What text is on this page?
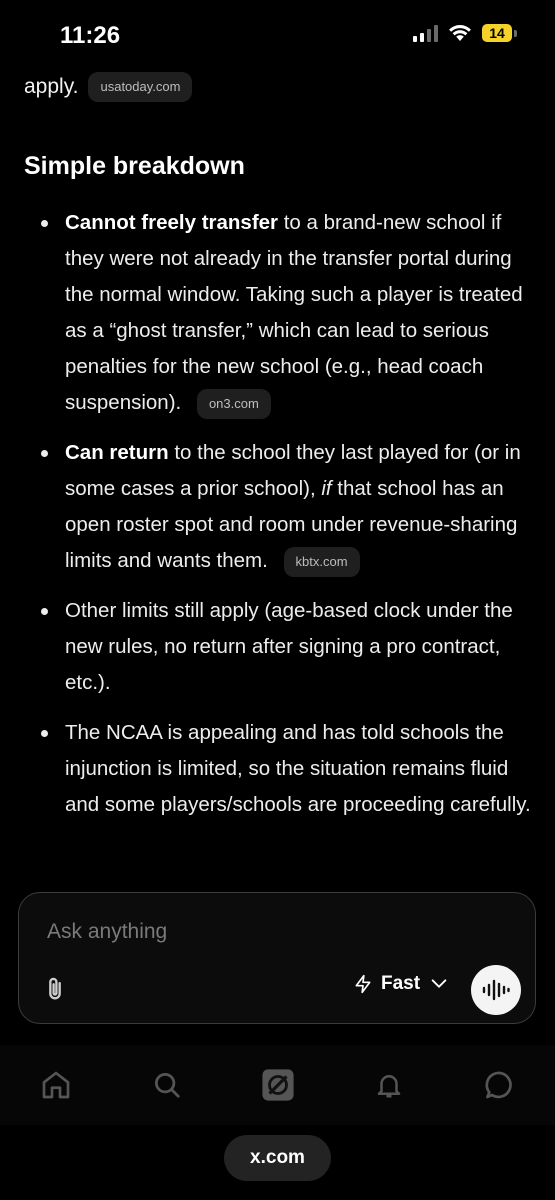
11:26	14
apply.	usatoday.com
Simple breakdown
Cannot freely transfer to a brand-new school if they were not already in the transfer portal during the normal window. Taking such a player is treated as a “ghost transfer,” which can lead to serious penalties for the new school (e.g., head coach suspension). on3.com
Can return to the school they last played for (or in some cases a prior school), if that school has an open roster spot and room under revenue-sharing limits and wants them. kbtx.com
Other limits still apply (age-based clock under the new rules, no return after signing a pro contract, etc.).
The NCAA is appealing and has told schools the injunction is limited, so the situation remains fluid and some players/schools are proceeding carefully.
Ask anything
Fast
x.com
